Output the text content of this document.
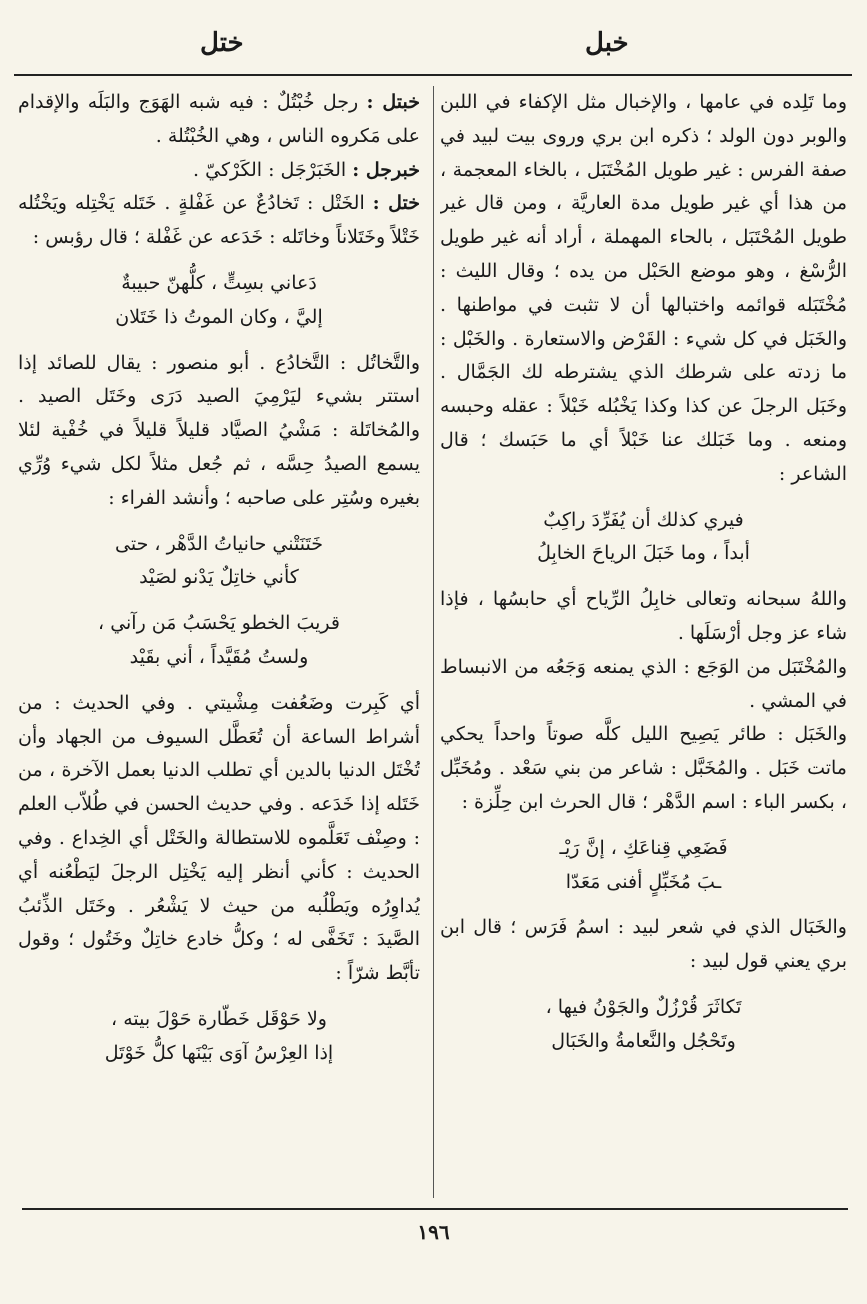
ختل	خبل

وما تَلِده في عامها ، والإخبال مثل الإكفاء في اللبن والوبر دون الولد ؛ ذكره ابن بري وروى بيت لبيد في صفة الفرس : غير طويل المُخْتَبَل ، بالخاء المعجمة ، من هذا أي غير طويل مدة العاريَّة ، ومن قال غير طويل المُحْتَبَل ، بالحاء المهملة ، أراد أنه غير طويل الرُّسْغ ، وهو موضع الحَبْل من يده ؛ وقال الليث : مُخْتَبَله قوائمه واختبالها أن لا تثبت في مواطنها . والخَبَل في كل شيء : القَرْض والاستعارة . والخَبْل : ما زدته على شرطك الذي يشترطه لك الجَمَّال . وخَبَل الرجلَ عن كذا وكذا يَخْبُله خَبْلاً : عقله وحبسه ومنعه . وما خَبَلك عنا خَبْلاً أي ما حَبَسك ؛ قال الشاعر :

فيري كذلك أن يُفَرِّدَ راكِبٌ
أبداً ، وما خَبَلَ الرياحَ الخابِلُ

واللهُ سبحانه وتعالى خابِلُ الرِّياح أي حابسُها ، فإذا شاء عز وجل أرْسَلَها .

والمُخْتَبَل من الوَجَع : الذي يمنعه وَجَعُه من الانبساط في المشي .

والخَبَل : طائر يَصِيح الليل كلَّه صوتاً واحداً يحكي ماتت خَبَل . والمُخَبَّل : شاعر من بني سَعْد . ومُخَبِّل ، بكسر الباء : اسم الدَّهْر ؛ قال الحرث ابن حِلِّزة :

فَضَعِي قِناعَكِ ، إنَّ رَيْـ
ـبَ مُخَبِّلٍ أفنى مَعَدّا

والخَبَال الذي في شعر لبيد : اسمُ فَرَس ؛ قال ابن بري يعني قول لبيد :

تَكاثَرَ قُرْزُلٌ والجَوْنُ فيها ،
وتَحْجُل والنَّعامةُ والخَبَال

خبتل : رجل خُبْتُلٌ : فيه شبه الهَوَج والبَلَه والإقدام على مَكروه الناس ، وهي الخُبْتُلة .

خبرجل : الخَبَرْجَل : الكَرْكيّ .

ختل : الخَتْل : تَخادُعٌ عن غَفْلةٍ . خَتَله يَخْتِله ويَخْتُله خَتْلاً وخَتَلاناً وخاتَله : خَدَعه عن غَفْلة ؛ قال رؤبس :

دَعاني بسِتٍّ ، كلُّهنّ حبيبةٌ
إليَّ ، وكان الموتُ ذا خَتَلان

والتَّخاتُل : التَّخادُع . أبو منصور : يقال للصائد إذا استتر بشيء ليَرْمِيَ الصيد دَرَى وخَتَل الصيد . والمُخاتَلة : مَشْيُ الصيَّاد قليلاً قليلاً في خُفْية لئلا يسمع الصيدُ حِسَّه ، ثم جُعل مثلاً لكل شيء وُرِّي بغيره وسُتِر على صاحبه ؛ وأنشد الفراء :

خَتَنَتْني حانياتُ الدَّهْر ، حتى
كأني خاتِلٌ يَدْنو لصَيْد

قريبَ الخطو يَحْسَبُ مَن رآني ،
ولستُ مُقَيَّداً ، أني بقَيْد

أي كَبِرت وضَعُفت مِشْيتي . وفي الحديث : من أشراط الساعة أن تُعَطَّل السيوف من الجهاد وأن تُخْتَل الدنيا بالدين أي تطلب الدنيا بعمل الآخرة ، من خَتَله إذا خَدَعه . وفي حديث الحسن في طُلاّب العلم : وصِنْف تَعَلَّموه للاستطالة والخَتْل أي الخِداع . وفي الحديث : كأني أنظر إليه يَخْتِل الرجلَ ليَطْعُنه أي يُداوِرُه ويَطْلُبه من حيث لا يَشْعُر . وخَتَل الذِّئبُ الصَّيدَ : تَخَفَّى له ؛ وكلُّ خادع خاتِلٌ وخَتُول ؛ وقول تأبَّط شرّاً :

ولا حَوْقَل خَطّارة حَوْلَ بيته ،
إذا العِرْسُ آوَى بَيْنَها كلُّ خَوْتَل

١٩٦
